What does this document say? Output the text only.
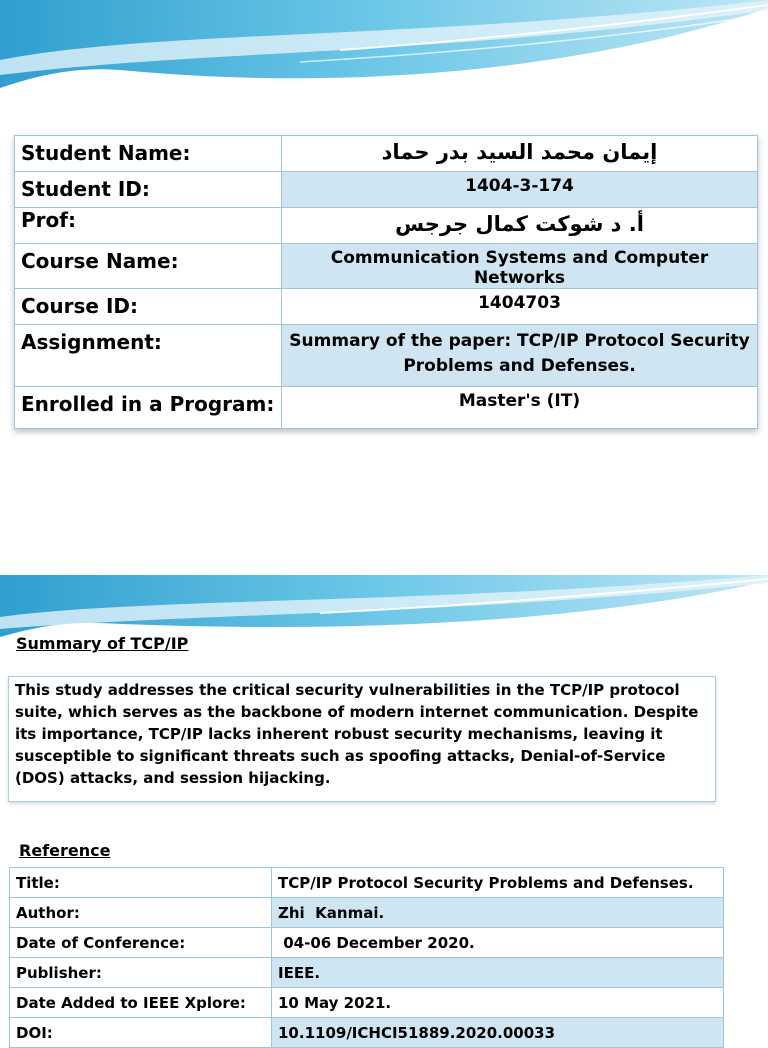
Student Name:	إيمان محمد السيد بدر حماد
Student ID:	1404-3-174
Prof:	أ. د شوكت كمال جرجس
Course Name:	Communication Systems and Computer Networks
Course ID:	1404703
Assignment:	Summary of the paper: TCP/IP Protocol Security Problems and Defenses.
Enrolled in a Program:	Master's (IT)
Summary of TCP/IP
This study addresses the critical security vulnerabilities in the TCP/IP protocol suite, which serves as the backbone of modern internet communication. Despite its importance, TCP/IP lacks inherent robust security mechanisms, leaving it susceptible to significant threats such as spoofing attacks, Denial-of-Service (DOS) attacks, and session hijacking.
Reference
Title:	TCP/IP Protocol Security Problems and Defenses.
Author:	Zhi  Kanmai.
Date of Conference:	04-06 December 2020.
Publisher:	IEEE.
Date Added to IEEE Xplore:	10 May 2021.
DOI:	10.1109/ICHCI51889.2020.00033
